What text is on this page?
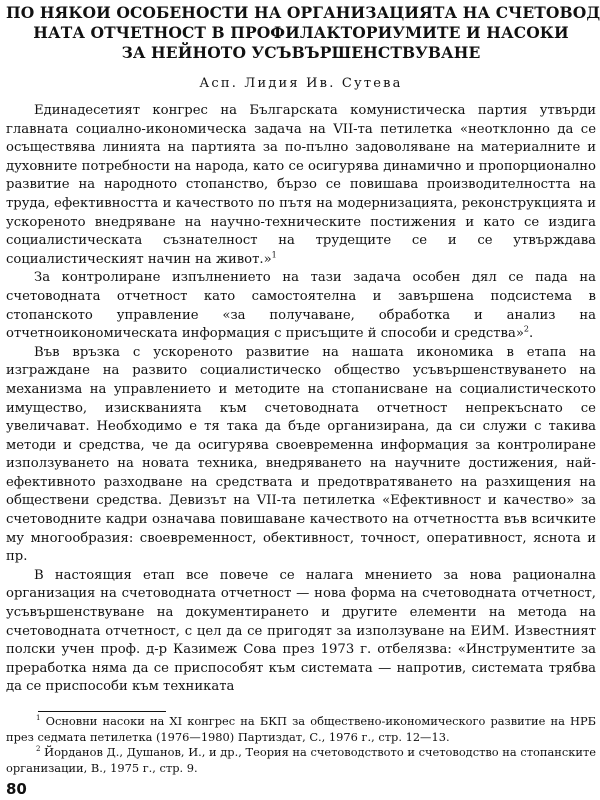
ПО НЯКОИ ОСОБЕНОСТИ НА ОРГАНИЗАЦИЯТА НА СЧЕТОВОД
НАТА ОТЧЕТНОСТ В ПРОФИЛАКТОРИУМИТЕ И НАСОКИ
ЗА НЕЙНОТО УСЪВЪРШЕНСТВУВАНЕ
Асп. Лидия Ив. Сутева

Единадесетият конгрес на Българската комунистическа партия утвърди главната социално-икономическа задача на VII-та петилетка «неотклонно да се осъществява линията на партията за по-пълно задоволяване на материалните и духовните потребности на народа, като се осигурява динамично и пропорционално развитие на народното стопанство, бързо се повишава производителността на труда, ефективността и качеството по пътя на модернизацията, реконструкцията и ускореното внедряване на научно-техническите постижения и като се издига социалистическата съзнателност на трудещите се и се утвърждава социалистическият начин на живот.»$^1$

За контролиране изпълнението на тази задача особен дял се пада на счетоводната отчетност като самостоятелна и завършена подсистема в стопанското управление «за получаване, обработка и анализ на отчетноикономическата информация с присъщите й способи и средства»$^2$.

Във връзка с ускореното развитие на нашата икономика в етапа на изграждане на развито социалистическо общество усъвършенствуването на механизма на управлението и методите на стопанисване на социалистическото имущество, изискванията към счетоводната отчетност непрекъснато се увеличават. Необходимо е тя така да бъде организирана, да си служи с такива методи и средства, че да осигурява своевременна информация за контролиране използуването на новата техника, внедряването на научните достижения, най-ефективното разходване на средствата и предотвратяването на разхищения на обществени средства. Девизът на VII-та петилетка «Ефективност и качество» за счетоводните кадри означава повишаване качеството на отчетността във всичките му многообразия: своевременност, обективност, точност, оперативност, яснота и пр.

В настоящия етап все повече се налага мнението за нова рационална организация на счетоводната отчетност — нова форма на счетоводната отчетност, усъвършенствуване на документирането и другите елементи на метода на счетоводната отчетност, с цел да се пригодят за използуване на ЕИМ. Известният полски учен проф. д-р Казимеж Сова през 1973 г. отбелязва: «Инструментите за преработка няма да се приспособят към системата — напротив, системата трябва да се приспособи към техниката

$^1$ Основни насоки на XI конгрес на БКП за обществено-икономического развитие на НРБ през седмата петилетка (1976—1980) Партиздат, С., 1976 г., стр. 12—13.

$^2$ Йорданов Д., Душанов, И., и др., Теория на счетоводството и счетоводство на стопанските организации, В., 1975 г., стр. 9.

80
